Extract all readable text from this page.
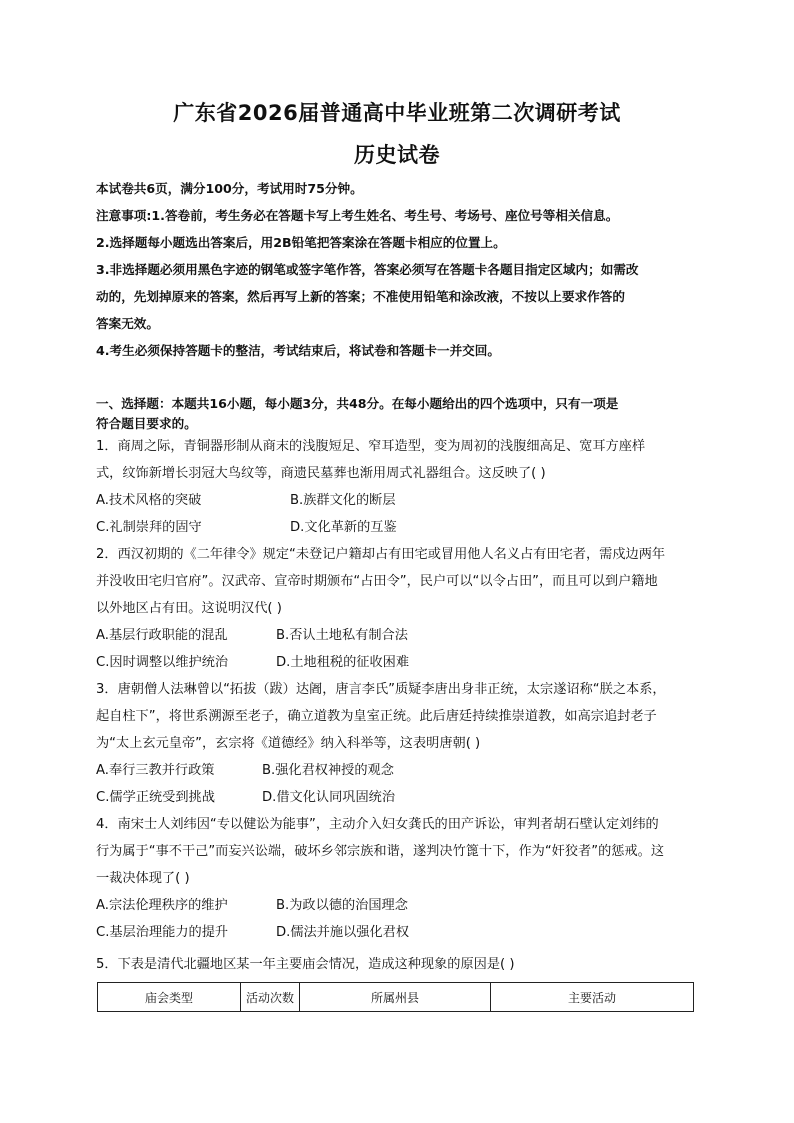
广东省2026届普通高中毕业班第二次调研考试
历史试卷
本试卷共6页，满分100分，考试用时75分钟。
注意事项:1.答卷前，考生务必在答题卡写上考生姓名、考生号、考场号、座位号等相关信息。
2.选择题每小题选出答案后，用2B铅笔把答案涂在答题卡相应的位置上。
3.非选择题必须用黑色字迹的钢笔或签字笔作答，答案必须写在答题卡各题目指定区域内；如需改
动的，先划掉原来的答案，然后再写上新的答案；不准使用铅笔和涂改液，不按以上要求作答的
答案无效。
4.考生必须保持答题卡的整洁，考试结束后，将试卷和答题卡一并交回。
一、选择题：本题共16小题，每小题3分，共48分。在每小题给出的四个选项中，只有一项是
符合题目要求的。
1．商周之际，青铜器形制从商末的浅腹短足、窄耳造型，变为周初的浅腹细高足、宽耳方座样
式，纹饰新增长羽冠大鸟纹等，商遗民墓葬也渐用周式礼器组合。这反映了( )
A.技术风格的突破	B.族群文化的断层
C.礼制崇拜的固守	D.文化革新的互鉴
2．西汉初期的《二年律令》规定“未登记户籍却占有田宅或冒用他人名义占有田宅者，需戍边两年
并没收田宅归官府”。汉武帝、宣帝时期颁布“占田令”，民户可以“以令占田”，而且可以到户籍地
以外地区占有田。这说明汉代( )
A.基层行政职能的混乱	B.否认土地私有制合法
C.因时调整以维护统治	D.土地租税的征收困难
3．唐朝僧人法琳曾以“拓拔（跋）达阇，唐言李氏”质疑李唐出身非正统，太宗遂诏称“朕之本系，
起自柱下”，将世系溯源至老子，确立道教为皇室正统。此后唐廷持续推崇道教，如高宗追封老子
为“太上玄元皇帝”，玄宗将《道德经》纳入科举等，这表明唐朝( )
A.奉行三教并行政策	B.强化君权神授的观念
C.儒学正统受到挑战	D.借文化认同巩固统治
4．南宋士人刘纬因“专以健讼为能事”，主动介入妇女龚氏的田产诉讼，审判者胡石壁认定刘纬的
行为属于“事不干己”而妄兴讼端，破坏乡邻宗族和谐，遂判决竹篦十下，作为“奸狡者”的惩戒。这
一裁决体现了( )
A.宗法伦理秩序的维护	B.为政以德的治国理念
C.基层治理能力的提升	D.儒法并施以强化君权
5．下表是清代北疆地区某一年主要庙会情况，造成这种现象的原因是( )
庙会类型	活动次数	所属州县	主要活动
